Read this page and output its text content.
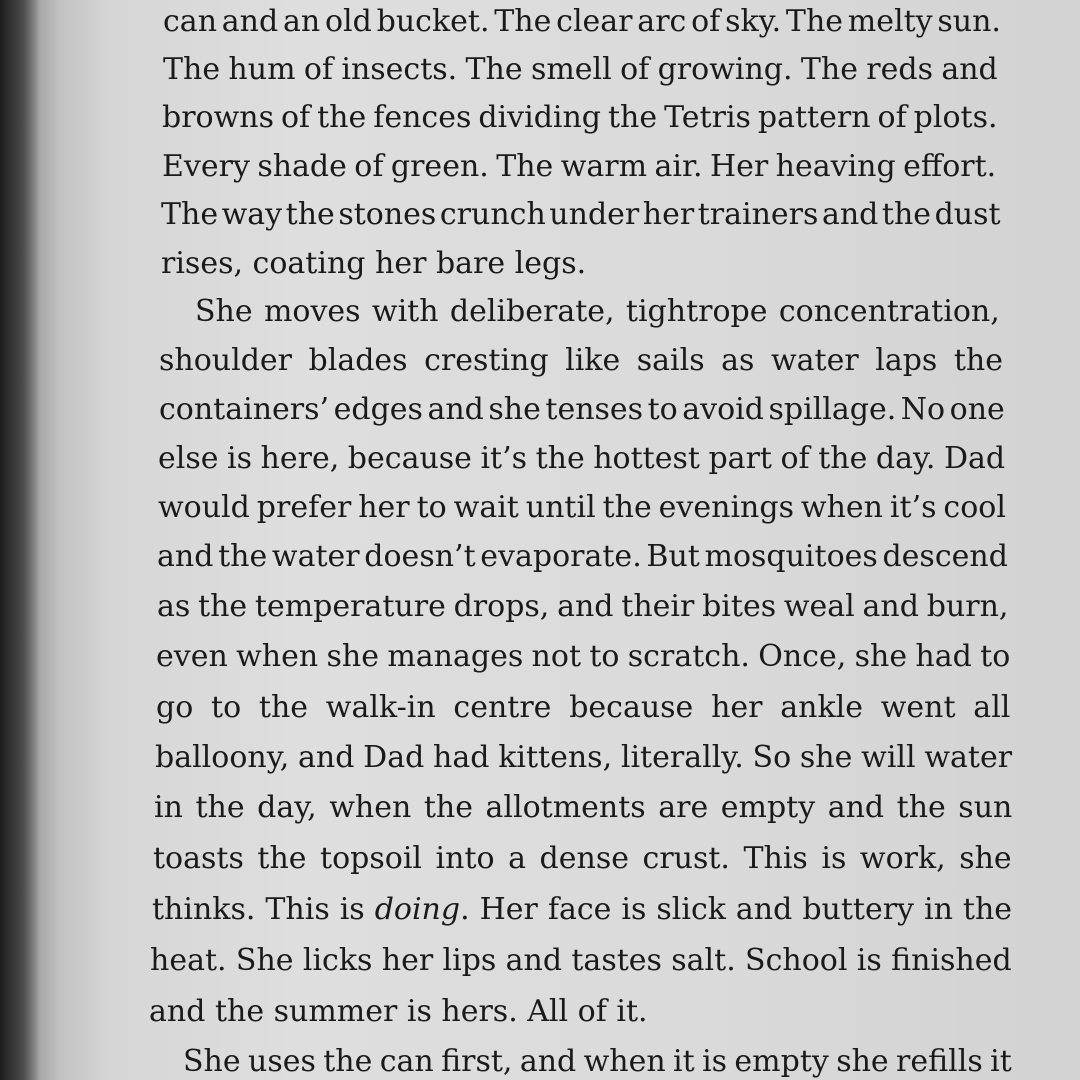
can and an old bucket. The clear arc of sky. The melty sun.
The hum of insects. The smell of growing. The reds and
browns of the fences dividing the Tetris pattern of plots.
Every shade of green. The warm air. Her heaving effort.
The way the stones crunch under her trainers and the dust
rises, coating her bare legs.
She moves with deliberate, tightrope concentration,
shoulder blades cresting like sails as water laps the
containers’ edges and she tenses to avoid spillage. No one
else is here, because it’s the hottest part of the day. Dad
would prefer her to wait until the evenings when it’s cool
and the water doesn’t evaporate. But mosquitoes descend
as the temperature drops, and their bites weal and burn,
even when she manages not to scratch. Once, she had to
go to the walk-in centre because her ankle went all
balloony, and Dad had kittens, literally. So she will water
in the day, when the allotments are empty and the sun
toasts the topsoil into a dense crust. This is work, she
thinks. This is doing. Her face is slick and buttery in the
heat. She licks her lips and tastes salt. School is finished
and the summer is hers. All of it.
She uses the can first, and when it is empty she refills it
